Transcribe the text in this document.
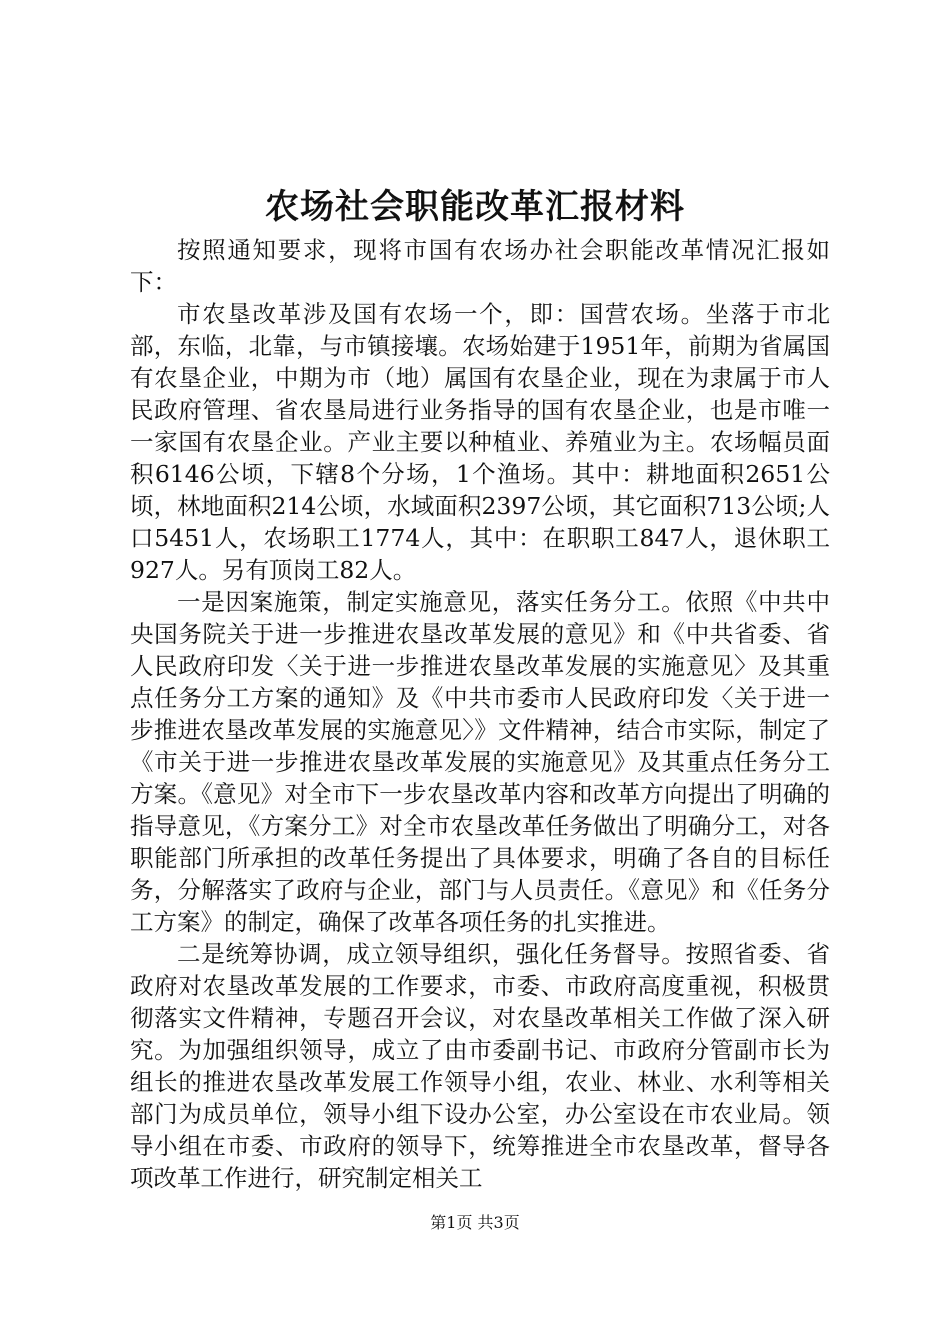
农场社会职能改革汇报材料

按照通知要求，现将市国有农场办社会职能改革情况汇报如下：

市农垦改革涉及国有农场一个，即：国营农场。坐落于市北部，东临，北靠，与市镇接壤。农场始建于1951年，前期为省属国有农垦企业，中期为市（地）属国有农垦企业，现在为隶属于市人民政府管理、省农垦局进行业务指导的国有农垦企业，也是市唯一一家国有农垦企业。产业主要以种植业、养殖业为主。农场幅员面积6146公顷，下辖8个分场，1个渔场。其中：耕地面积2651公顷，林地面积214公顷，水域面积2397公顷，其它面积713公顷;人口5451人，农场职工1774人，其中：在职职工847人，退休职工927人。另有顶岗工82人。

一是因案施策，制定实施意见，落实任务分工。依照《中共中央国务院关于进一步推进农垦改革发展的意见》和《中共省委、省人民政府印发〈关于进一步推进农垦改革发展的实施意见〉及其重点任务分工方案的通知》及《中共市委市人民政府印发〈关于进一步推进农垦改革发展的实施意见〉》文件精神，结合市实际，制定了《市关于进一步推进农垦改革发展的实施意见》及其重点任务分工方案。《意见》对全市下一步农垦改革内容和改革方向提出了明确的指导意见，《方案分工》对全市农垦改革任务做出了明确分工，对各职能部门所承担的改革任务提出了具体要求，明确了各自的目标任务，分解落实了政府与企业，部门与人员责任。《意见》和《任务分工方案》的制定，确保了改革各项任务的扎实推进。

二是统筹协调，成立领导组织，强化任务督导。按照省委、省政府对农垦改革发展的工作要求，市委、市政府高度重视，积极贯彻落实文件精神，专题召开会议，对农垦改革相关工作做了深入研究。为加强组织领导，成立了由市委副书记、市政府分管副市长为组长的推进农垦改革发展工作领导小组，农业、林业、水利等相关部门为成员单位，领导小组下设办公室，办公室设在市农业局。领导小组在市委、市政府的领导下，统筹推进全市农垦改革，督导各项改革工作进行，研究制定相关工

第1页 共3页
